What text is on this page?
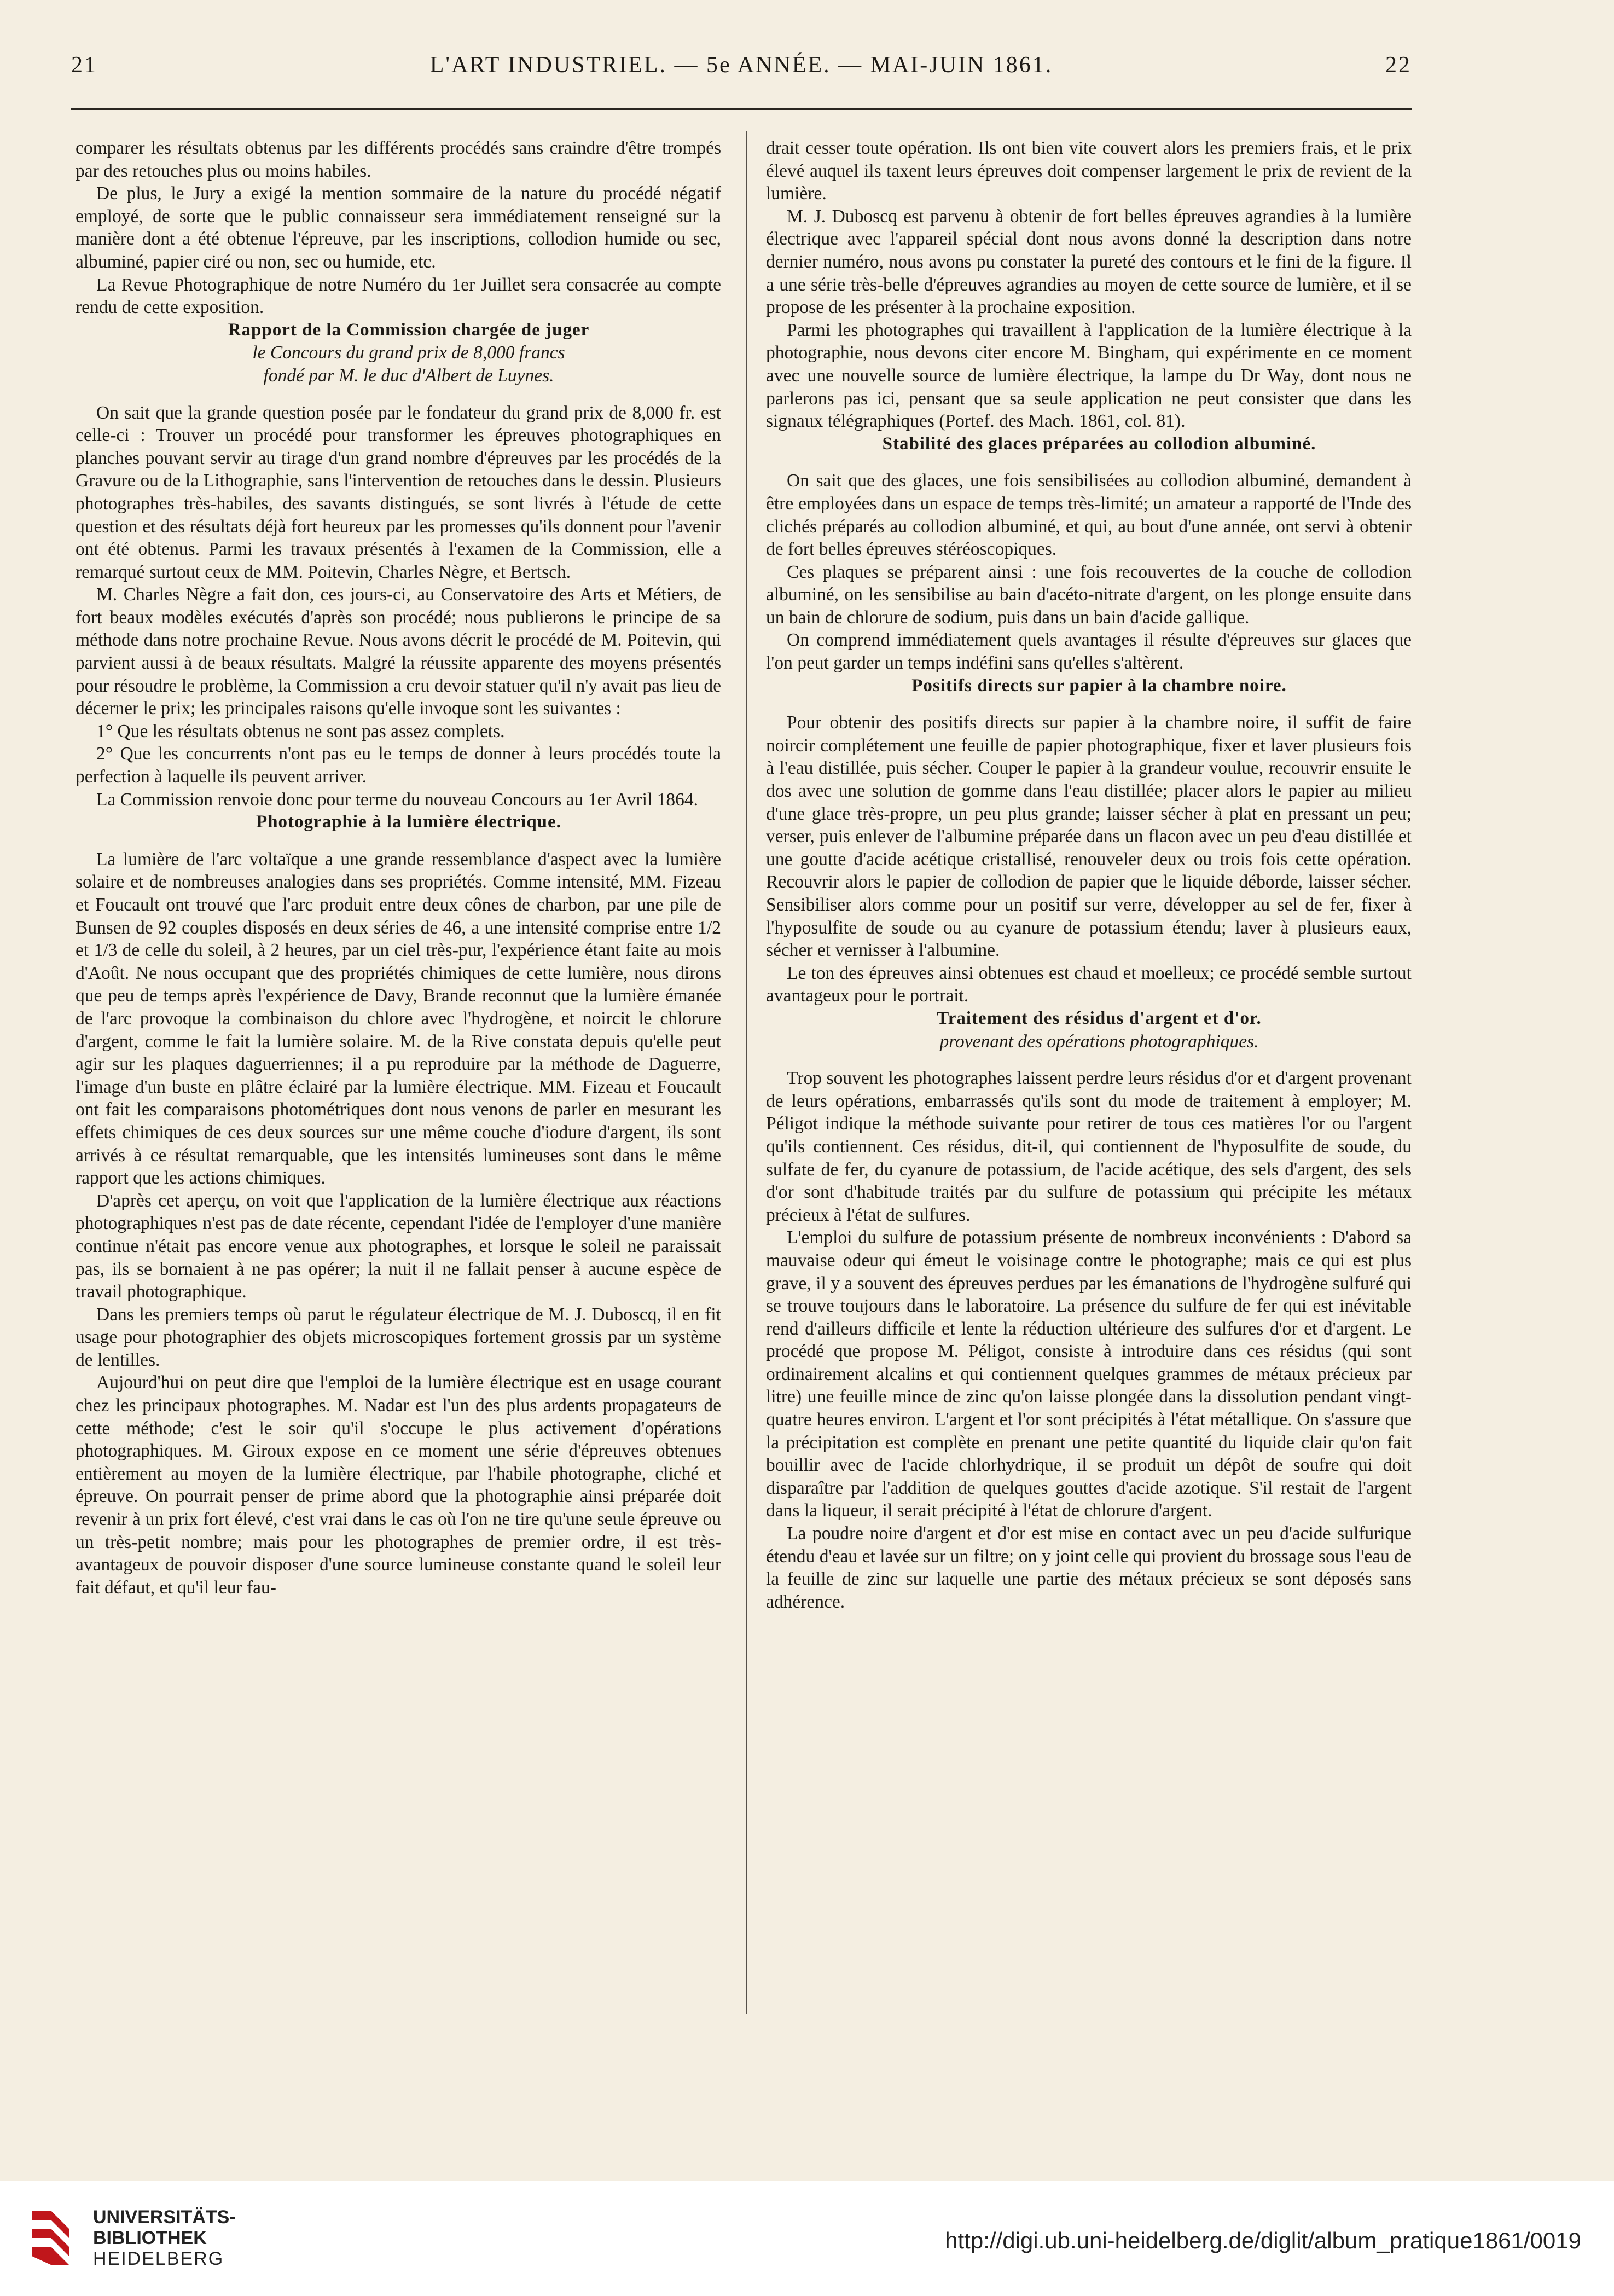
21	L'ART INDUSTRIEL. — 5e ANNÉE. — MAI-JUIN 1861.	22

comparer les résultats obtenus par les différents procédés sans craindre d'être trompés par des retouches plus ou moins habiles.

De plus, le Jury a exigé la mention sommaire de la nature du procédé négatif employé, de sorte que le public connaisseur sera immédiatement renseigné sur la manière dont a été obtenue l'épreuve, par les inscriptions, collodion humide ou sec, albuminé, papier ciré ou non, sec ou humide, etc.

La Revue Photographique de notre Numéro du 1er Juillet sera consacrée au compte rendu de cette exposition.

Rapport de la Commission chargée de juger

le Concours du grand prix de 8,000 francs

fondé par M. le duc d'Albert de Luynes.

On sait que la grande question posée par le fondateur du grand prix de 8,000 fr. est celle-ci : Trouver un procédé pour transformer les épreuves photographiques en planches pouvant servir au tirage d'un grand nombre d'épreuves par les procédés de la Gravure ou de la Lithographie, sans l'intervention de retouches dans le dessin. Plusieurs photographes très-habiles, des savants distingués, se sont livrés à l'étude de cette question et des résultats déjà fort heureux par les promesses qu'ils donnent pour l'avenir ont été obtenus. Parmi les travaux présentés à l'examen de la Commission, elle a remarqué surtout ceux de MM. Poitevin, Charles Nègre, et Bertsch.

M. Charles Nègre a fait don, ces jours-ci, au Conservatoire des Arts et Métiers, de fort beaux modèles exécutés d'après son procédé; nous publierons le principe de sa méthode dans notre prochaine Revue. Nous avons décrit le procédé de M. Poitevin, qui parvient aussi à de beaux résultats. Malgré la réussite apparente des moyens présentés pour résoudre le problème, la Commission a cru devoir statuer qu'il n'y avait pas lieu de décerner le prix; les principales raisons qu'elle invoque sont les suivantes :

1° Que les résultats obtenus ne sont pas assez complets.

2° Que les concurrents n'ont pas eu le temps de donner à leurs procédés toute la perfection à laquelle ils peuvent arriver.

La Commission renvoie donc pour terme du nouveau Concours au 1er Avril 1864.

Photographie à la lumière électrique.

La lumière de l'arc voltaïque a une grande ressemblance d'aspect avec la lumière solaire et de nombreuses analogies dans ses propriétés. Comme intensité, MM. Fizeau et Foucault ont trouvé que l'arc produit entre deux cônes de charbon, par une pile de Bunsen de 92 couples disposés en deux séries de 46, a une intensité comprise entre 1/2 et 1/3 de celle du soleil, à 2 heures, par un ciel très-pur, l'expérience étant faite au mois d'Août. Ne nous occupant que des propriétés chimiques de cette lumière, nous dirons que peu de temps après l'expérience de Davy, Brande reconnut que la lumière émanée de l'arc provoque la combinaison du chlore avec l'hydrogène, et noircit le chlorure d'argent, comme le fait la lumière solaire. M. de la Rive constata depuis qu'elle peut agir sur les plaques daguerriennes; il a pu reproduire par la méthode de Daguerre, l'image d'un buste en plâtre éclairé par la lumière électrique. MM. Fizeau et Foucault ont fait les comparaisons photométriques dont nous venons de parler en mesurant les effets chimiques de ces deux sources sur une même couche d'iodure d'argent, ils sont arrivés à ce résultat remarquable, que les intensités lumineuses sont dans le même rapport que les actions chimiques.

D'après cet aperçu, on voit que l'application de la lumière électrique aux réactions photographiques n'est pas de date récente, cependant l'idée de l'employer d'une manière continue n'était pas encore venue aux photographes, et lorsque le soleil ne paraissait pas, ils se bornaient à ne pas opérer; la nuit il ne fallait penser à aucune espèce de travail photographique.

Dans les premiers temps où parut le régulateur électrique de M. J. Duboscq, il en fit usage pour photographier des objets microscopiques fortement grossis par un système de lentilles.

Aujourd'hui on peut dire que l'emploi de la lumière électrique est en usage courant chez les principaux photographes. M. Nadar est l'un des plus ardents propagateurs de cette méthode; c'est le soir qu'il s'occupe le plus activement d'opérations photographiques. M. Giroux expose en ce moment une série d'épreuves obtenues entièrement au moyen de la lumière électrique, par l'habile photographe, cliché et épreuve. On pourrait penser de prime abord que la photographie ainsi préparée doit revenir à un prix fort élevé, c'est vrai dans le cas où l'on ne tire qu'une seule épreuve ou un très-petit nombre; mais pour les photographes de premier ordre, il est très-avantageux de pouvoir disposer d'une source lumineuse constante quand le soleil leur fait défaut, et qu'il leur fau-

drait cesser toute opération. Ils ont bien vite couvert alors les premiers frais, et le prix élevé auquel ils taxent leurs épreuves doit compenser largement le prix de revient de la lumière.

M. J. Duboscq est parvenu à obtenir de fort belles épreuves agrandies à la lumière électrique avec l'appareil spécial dont nous avons donné la description dans notre dernier numéro, nous avons pu constater la pureté des contours et le fini de la figure. Il a une série très-belle d'épreuves agrandies au moyen de cette source de lumière, et il se propose de les présenter à la prochaine exposition.

Parmi les photographes qui travaillent à l'application de la lumière électrique à la photographie, nous devons citer encore M. Bingham, qui expérimente en ce moment avec une nouvelle source de lumière électrique, la lampe du Dr Way, dont nous ne parlerons pas ici, pensant que sa seule application ne peut consister que dans les signaux télégraphiques (Portef. des Mach. 1861, col. 81).

Stabilité des glaces préparées au collodion albuminé.

On sait que des glaces, une fois sensibilisées au collodion albuminé, demandent à être employées dans un espace de temps très-limité; un amateur a rapporté de l'Inde des clichés préparés au collodion albuminé, et qui, au bout d'une année, ont servi à obtenir de fort belles épreuves stéréoscopiques.

Ces plaques se préparent ainsi : une fois recouvertes de la couche de collodion albuminé, on les sensibilise au bain d'acéto-nitrate d'argent, on les plonge ensuite dans un bain de chlorure de sodium, puis dans un bain d'acide gallique.

On comprend immédiatement quels avantages il résulte d'épreuves sur glaces que l'on peut garder un temps indéfini sans qu'elles s'altèrent.

Positifs directs sur papier à la chambre noire.

Pour obtenir des positifs directs sur papier à la chambre noire, il suffit de faire noircir complétement une feuille de papier photographique, fixer et laver plusieurs fois à l'eau distillée, puis sécher. Couper le papier à la grandeur voulue, recouvrir ensuite le dos avec une solution de gomme dans l'eau distillée; placer alors le papier au milieu d'une glace très-propre, un peu plus grande; laisser sécher à plat en pressant un peu; verser, puis enlever de l'albumine préparée dans un flacon avec un peu d'eau distillée et une goutte d'acide acétique cristallisé, renouveler deux ou trois fois cette opération. Recouvrir alors le papier de collodion de papier que le liquide déborde, laisser sécher. Sensibiliser alors comme pour un positif sur verre, développer au sel de fer, fixer à l'hyposulfite de soude ou au cyanure de potassium étendu; laver à plusieurs eaux, sécher et vernisser à l'albumine.

Le ton des épreuves ainsi obtenues est chaud et moelleux; ce procédé semble surtout avantageux pour le portrait.

Traitement des résidus d'argent et d'or.

provenant des opérations photographiques.

Trop souvent les photographes laissent perdre leurs résidus d'or et d'argent provenant de leurs opérations, embarrassés qu'ils sont du mode de traitement à employer; M. Péligot indique la méthode suivante pour retirer de tous ces matières l'or ou l'argent qu'ils contiennent. Ces résidus, dit-il, qui contiennent de l'hyposulfite de soude, du sulfate de fer, du cyanure de potassium, de l'acide acétique, des sels d'argent, des sels d'or sont d'habitude traités par du sulfure de potassium qui précipite les métaux précieux à l'état de sulfures.

L'emploi du sulfure de potassium présente de nombreux inconvénients : D'abord sa mauvaise odeur qui émeut le voisinage contre le photographe; mais ce qui est plus grave, il y a souvent des épreuves perdues par les émanations de l'hydrogène sulfuré qui se trouve toujours dans le laboratoire. La présence du sulfure de fer qui est inévitable rend d'ailleurs difficile et lente la réduction ultérieure des sulfures d'or et d'argent. Le procédé que propose M. Péligot, consiste à introduire dans ces résidus (qui sont ordinairement alcalins et qui contiennent quelques grammes de métaux précieux par litre) une feuille mince de zinc qu'on laisse plongée dans la dissolution pendant vingt-quatre heures environ. L'argent et l'or sont précipités à l'état métallique. On s'assure que la précipitation est complète en prenant une petite quantité du liquide clair qu'on fait bouillir avec de l'acide chlorhydrique, il se produit un dépôt de soufre qui doit disparaître par l'addition de quelques gouttes d'acide azotique. S'il restait de l'argent dans la liqueur, il serait précipité à l'état de chlorure d'argent.

La poudre noire d'argent et d'or est mise en contact avec un peu d'acide sulfurique étendu d'eau et lavée sur un filtre; on y joint celle qui provient du brossage sous l'eau de la feuille de zinc sur laquelle une partie des métaux précieux se sont déposés sans adhérence.

UNIVERSITÄTS-
BIBLIOTHEK
HEIDELBERG
http://digi.ub.uni-heidelberg.de/diglit/album_pratique1861/0019
